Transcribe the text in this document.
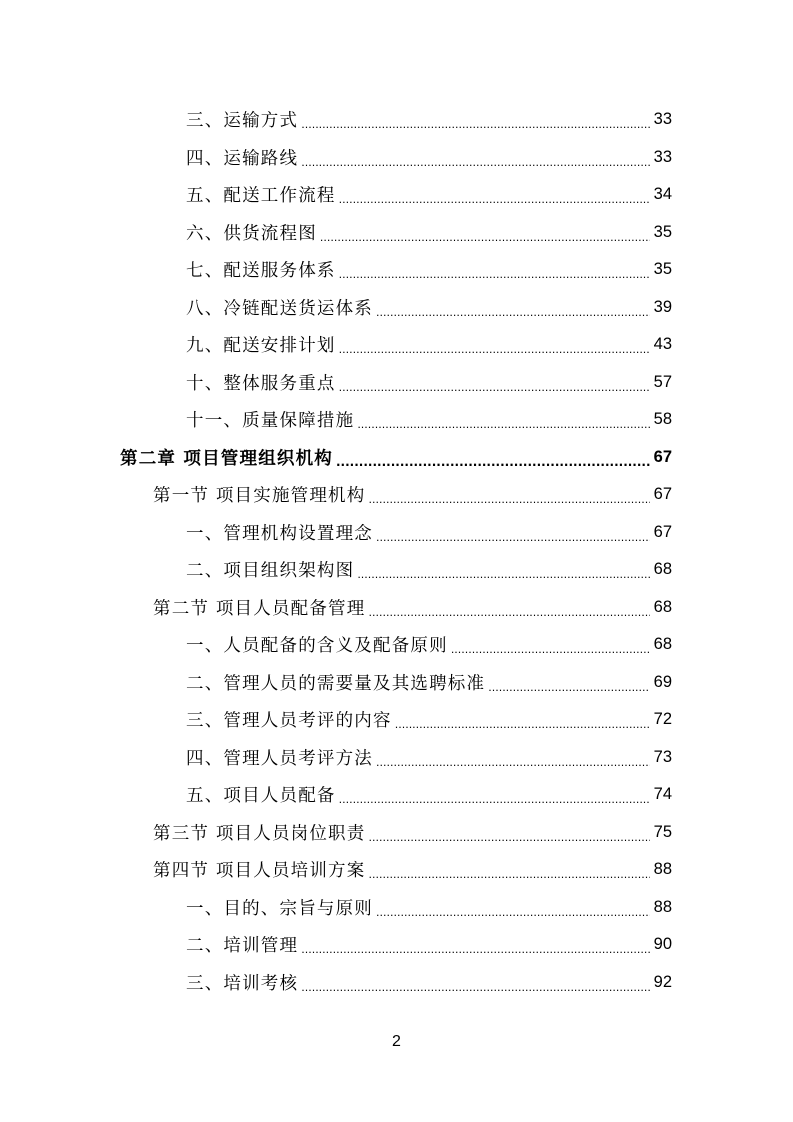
三、运输方式 .....	33
四、运输路线 .....	33
五、配送工作流程 .....	34
六、供货流程图 .....	35
七、配送服务体系 .....	35
八、冷链配送货运体系 .....	39
九、配送安排计划 .....	43
十、整体服务重点 .....	57
十一、质量保障措施 .....	58
第二章 项目管理组织机构 .....	67
第一节 项目实施管理机构 .....	67
一、管理机构设置理念 .....	67
二、项目组织架构图 .....	68
第二节 项目人员配备管理 .....	68
一、人员配备的含义及配备原则 .....	68
二、管理人员的需要量及其选聘标准 .....	69
三、管理人员考评的内容 .....	72
四、管理人员考评方法 .....	73
五、项目人员配备 .....	74
第三节 项目人员岗位职责 .....	75
第四节 项目人员培训方案 .....	88
一、目的、宗旨与原则 .....	88
二、培训管理 .....	90
三、培训考核 .....	92
2
